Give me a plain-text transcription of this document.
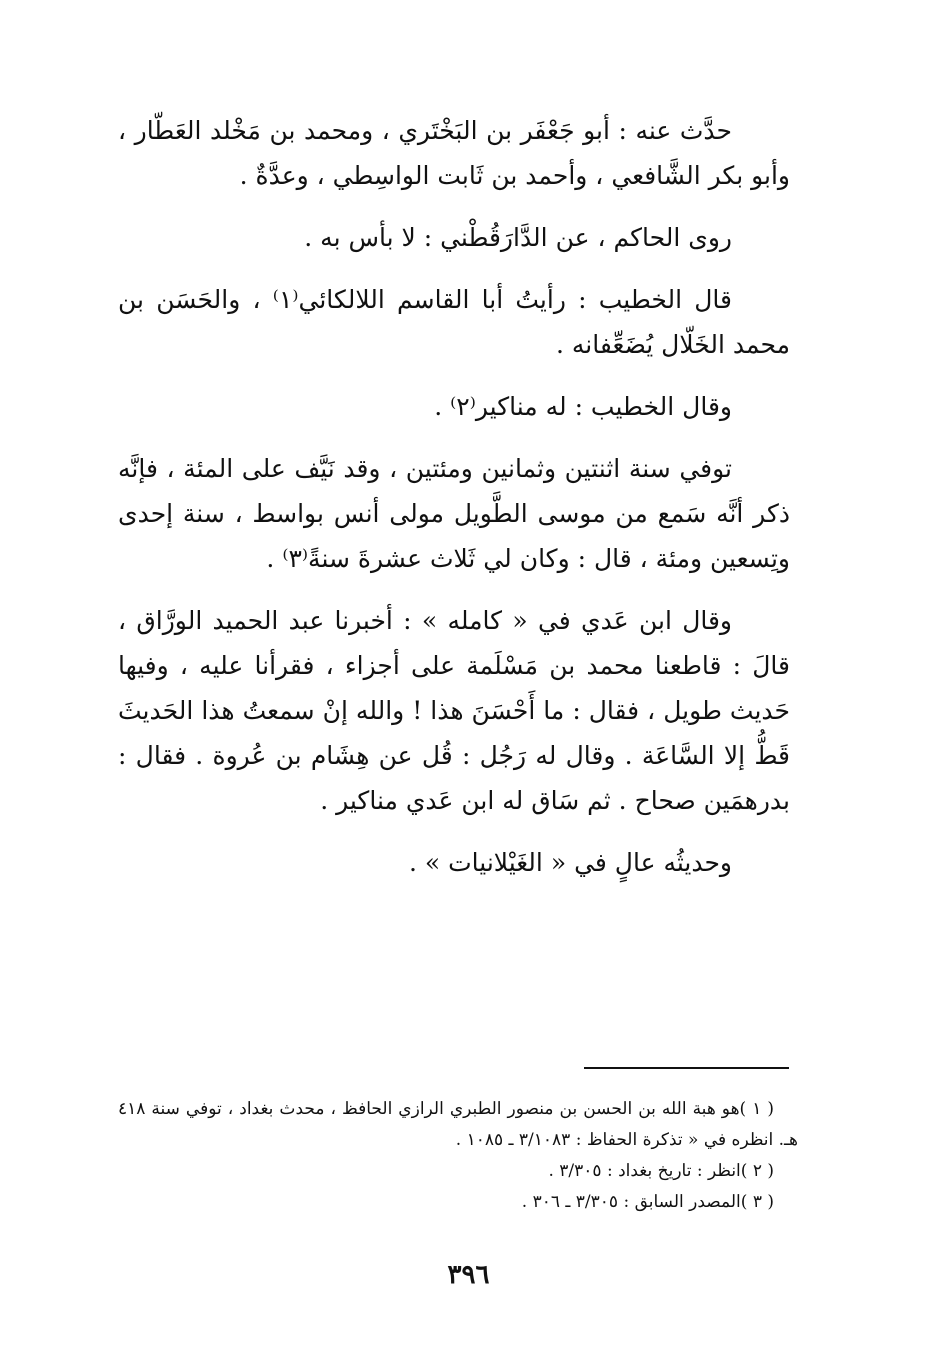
حدَّث عنه : أبو جَعْفَر بن البَخْتَري ، ومحمد بن مَخْلد العَطّار ، وأبو بكر الشَّافعي ، وأحمد بن ثَابت الواسِطي ، وعدَّةٌ .

روى الحاكم ، عن الدَّارَقُطْني : لا بأس به .

قال الخطيب : رأيتُ أبا القاسم اللالكائي⁽١⁾ ، والحَسَن بن محمد الخَلّال يُضَعِّفانه .

وقال الخطيب : له مناكير⁽٢⁾ .

توفي سنة اثنتين وثمانين ومئتين ، وقد نَيَّف على المئة ، فإنَّه ذكر أنَّه سَمع من موسى الطَّويل مولى أنس بواسط ، سنة إحدى وتِسعين ومئة ، قال : وكان لي ثَلاث عشرةَ سنةً⁽٣⁾ .

وقال ابن عَدي في « كامله » : أخبرنا عبد الحميد الورَّاق ، قالَ : قاطعنا محمد بن مَسْلَمة على أجزاء ، فقرأنا عليه ، وفيها حَديث طويل ، فقال : ما أَحْسَنَ هذا ! والله إنْ سمعتُ هذا الحَديثَ قَطُّ إلا السَّاعَة . وقال له رَجُل : قُل عن هِشَام بن عُروة . فقال : بدرهمَين صحاح . ثم سَاق له ابن عَدي مناكير .

وحديثُه عالٍ في « الغَيْلانيات » .

( ١ )هو هبة الله بن الحسن بن منصور الطبري الرازي الحافظ ، محدث بغداد ، توفي سنة ٤١٨ هـ. انظره في « تذكرة الحفاظ : ٣/١٠٨٣ ـ ١٠٨٥ .

( ٢ )انظر : تاريخ بغداد : ٣/٣٠٥ .

( ٣ )المصدر السابق : ٣/٣٠٥ ـ ٣٠٦ .

٣٩٦
